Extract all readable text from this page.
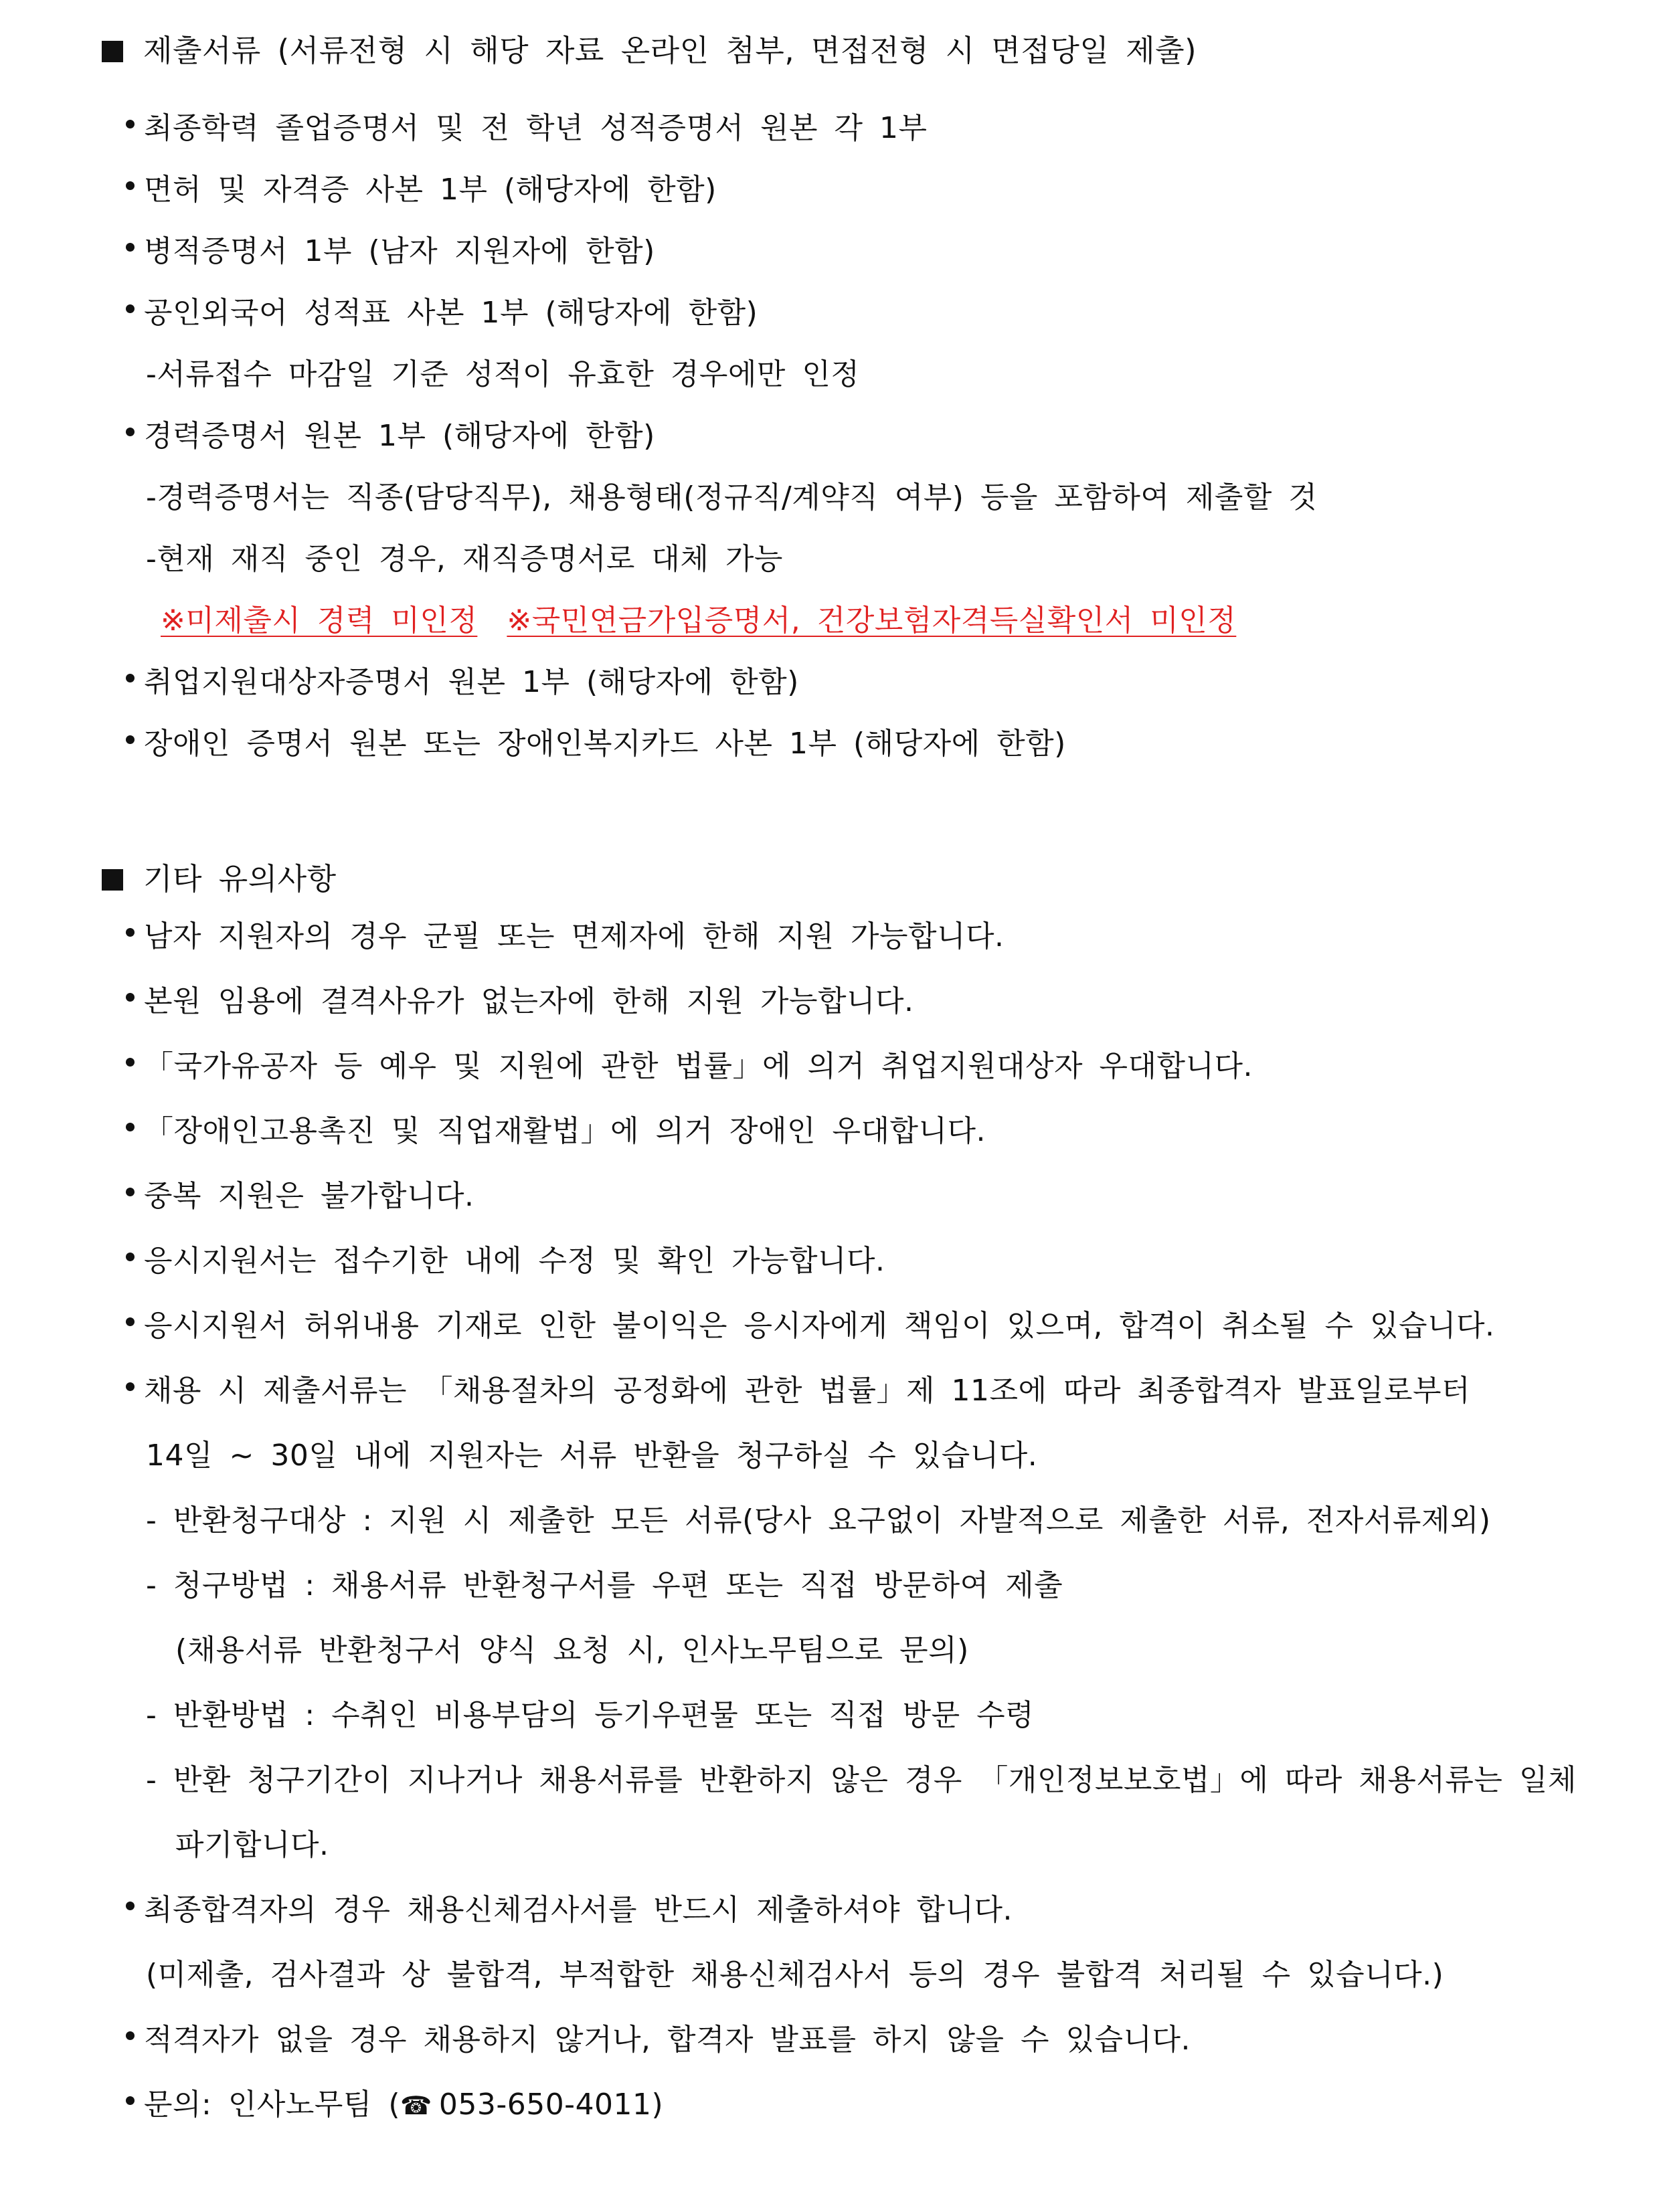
제출서류 (서류전형 시 해당 자료 온라인 첨부, 면접전형 시 면접당일 제출)
최종학력 졸업증명서 및 전 학년 성적증명서 원본 각 1부
면허 및 자격증 사본 1부 (해당자에 한함)
병적증명서 1부 (남자 지원자에 한함)
공인외국어 성적표 사본 1부 (해당자에 한함)
-서류접수 마감일 기준 성적이 유효한 경우에만 인정
경력증명서 원본 1부 (해당자에 한함)
-경력증명서는 직종(담당직무), 채용형태(정규직/계약직 여부) 등을 포함하여 제출할 것
-현재 재직 중인 경우, 재직증명서로 대체 가능
※미제출시 경력 미인정 ※국민연금가입증명서, 건강보험자격득실확인서 미인정
취업지원대상자증명서 원본 1부 (해당자에 한함)
장애인 증명서 원본 또는 장애인복지카드 사본 1부 (해당자에 한함)
기타 유의사항
남자 지원자의 경우 군필 또는 면제자에 한해 지원 가능합니다.
본원 임용에 결격사유가 없는자에 한해 지원 가능합니다.
「국가유공자 등 예우 및 지원에 관한 법률」에 의거 취업지원대상자 우대합니다.
「장애인고용촉진 및 직업재활법」에 의거 장애인 우대합니다.
중복 지원은 불가합니다.
응시지원서는 접수기한 내에 수정 및 확인 가능합니다.
응시지원서 허위내용 기재로 인한 불이익은 응시자에게 책임이 있으며, 합격이 취소될 수 있습니다.
채용 시 제출서류는 「채용절차의 공정화에 관한 법률」제 11조에 따라 최종합격자 발표일로부터
14일 ~ 30일 내에 지원자는 서류 반환을 청구하실 수 있습니다.
- 반환청구대상 : 지원 시 제출한 모든 서류(당사 요구없이 자발적으로 제출한 서류, 전자서류제외)
- 청구방법 : 채용서류 반환청구서를 우편 또는 직접 방문하여 제출
(채용서류 반환청구서 양식 요청 시, 인사노무팀으로 문의)
- 반환방법 : 수취인 비용부담의 등기우편물 또는 직접 방문 수령
- 반환 청구기간이 지나거나 채용서류를 반환하지 않은 경우 「개인정보보호법」에 따라 채용서류는 일체
파기합니다.
최종합격자의 경우 채용신체검사서를 반드시 제출하셔야 합니다.
(미제출, 검사결과 상 불합격, 부적합한 채용신체검사서 등의 경우 불합격 처리될 수 있습니다.)
적격자가 없을 경우 채용하지 않거나, 합격자 발표를 하지 않을 수 있습니다.
문의: 인사노무팀 (☎ 053-650-4011)
